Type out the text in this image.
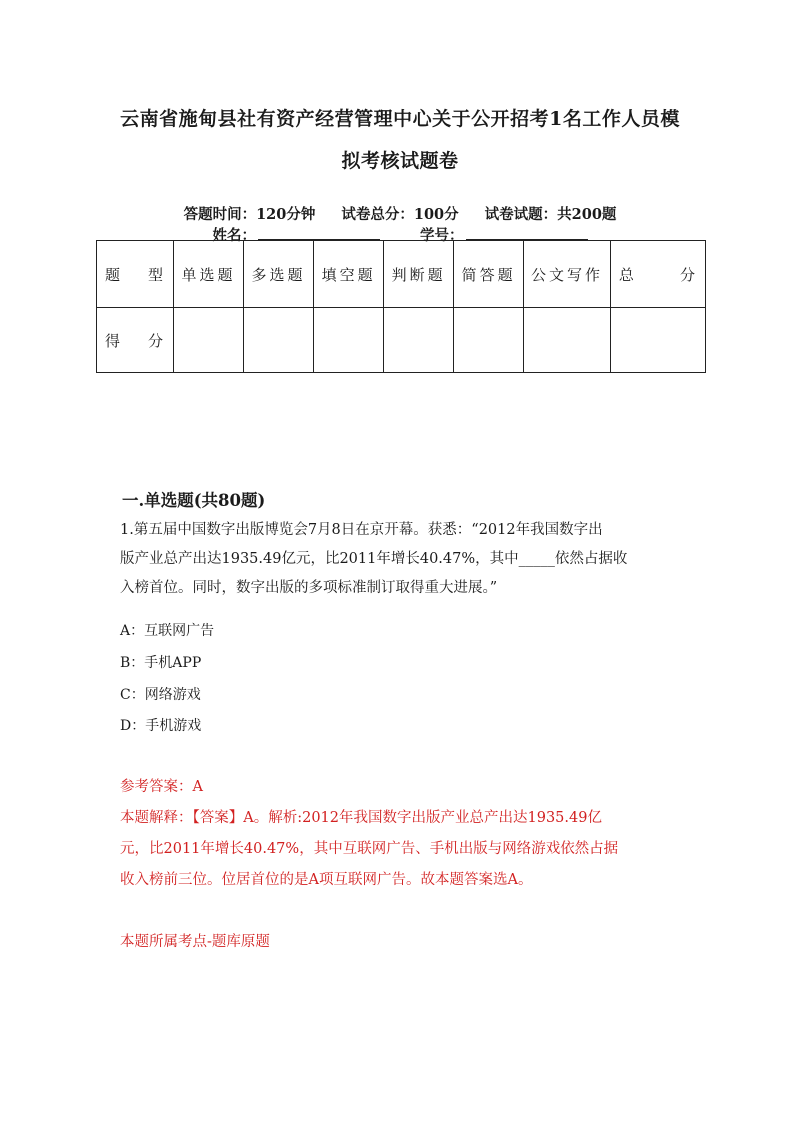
云南省施甸县社有资产经营管理中心关于公开招考1名工作人员模
拟考核试题卷
答题时间：120分钟 试卷总分：100分 试卷试题：共200题
姓名：	学号：
题 型	单选题	多选题	填空题	判断题	简答题	公文写作	总 分

得 分							

一.单选题(共80题)
1.第五届中国数字出版博览会7月8日在京开幕。获悉：“2012年我国数字出
版产业总产出达1935.49亿元，比2011年增长40.47%，其中_____依然占据收
入榜首位。同时，数字出版的多项标准制订取得重大进展。”
A：互联网广告
B：手机APP
C：网络游戏
D：手机游戏
参考答案：A
本题解释：【答案】A。解析:2012年我国数字出版产业总产出达1935.49亿
元，比2011年增长40.47%，其中互联网广告、手机出版与网络游戏依然占据
收入榜前三位。位居首位的是A项互联网广告。故本题答案选A。
本题所属考点-题库原题
